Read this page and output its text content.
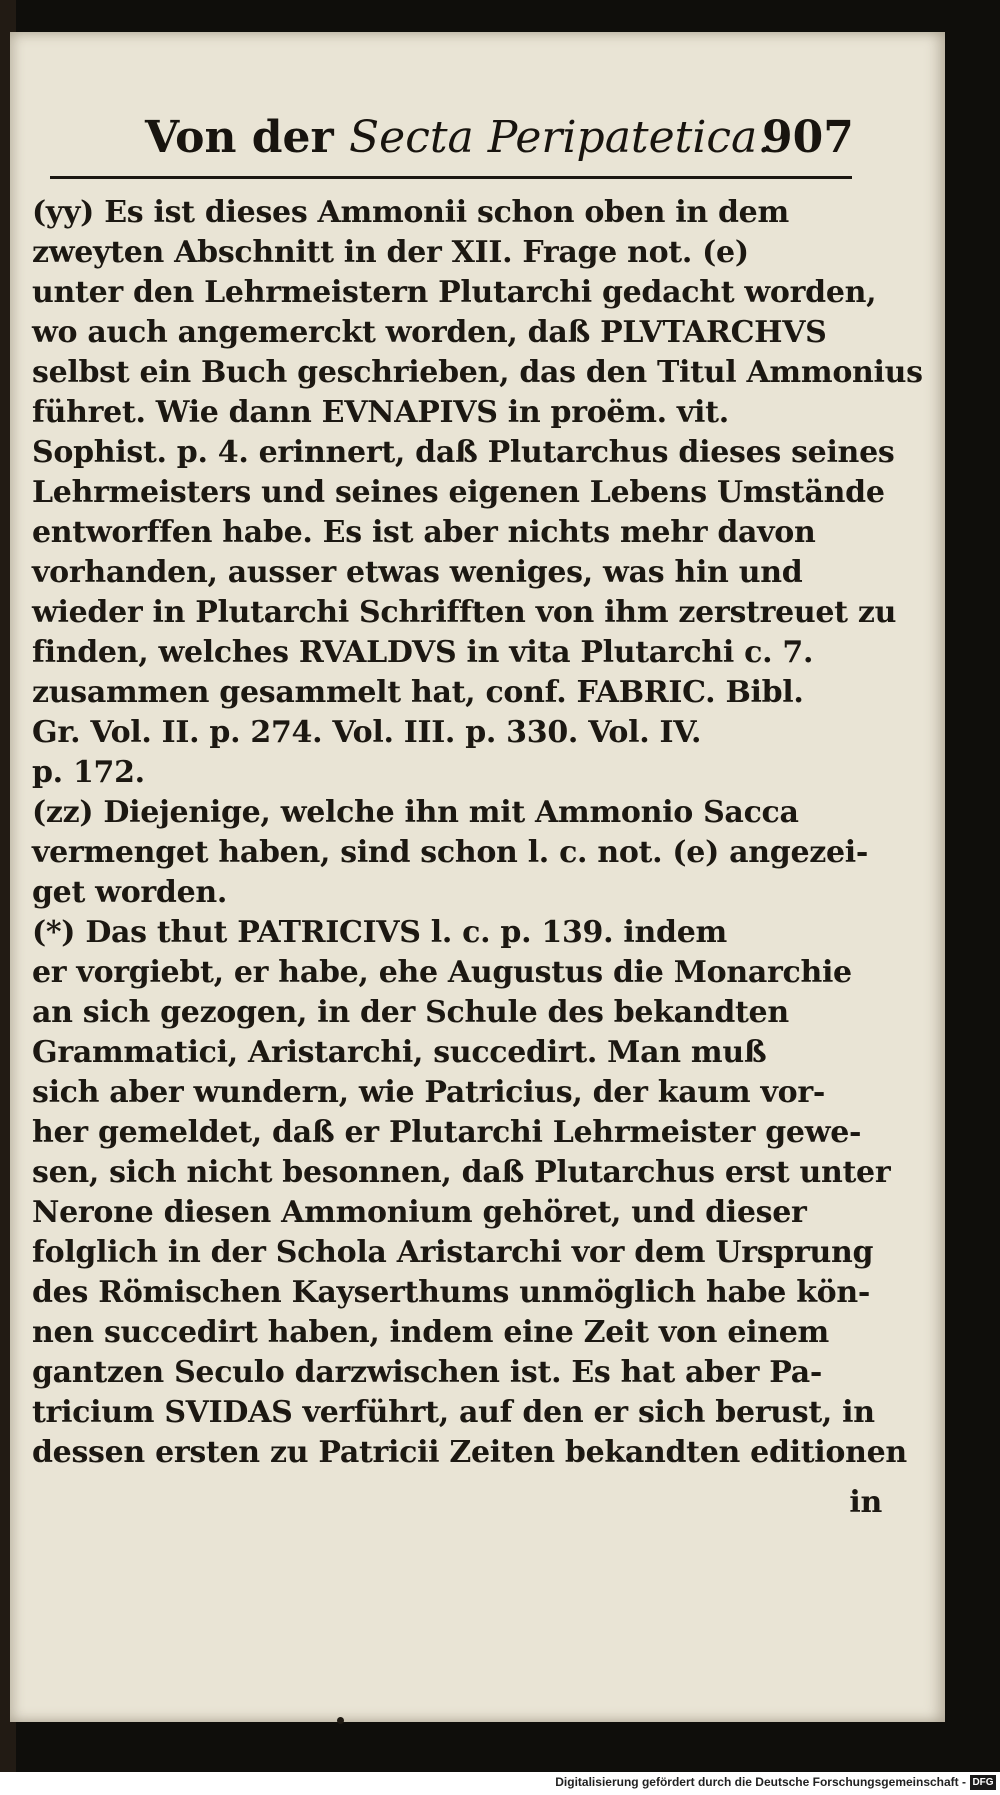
Von der Secta Peripatetica.
907
(yy) Es ist dieses Ammonii schon oben in dem
zweyten Abschnitt in der XII. Frage not. (e)
unter den Lehrmeistern Plutarchi gedacht worden,
wo auch angemerckt worden, daß PLVTARCHVS
selbst ein Buch geschrieben, das den Titul Ammonius
führet. Wie dann EVNAPIVS in proëm. vit.
Sophist. p. 4. erinnert, daß Plutarchus dieses seines
Lehrmeisters und seines eigenen Lebens Umstände
entworffen habe. Es ist aber nichts mehr davon
vorhanden, ausser etwas weniges, was hin und
wieder in Plutarchi Schrifften von ihm zerstreuet zu
finden, welches RVALDVS in vita Plutarchi c. 7.
zusammen gesammelt hat, conf. FABRIC. Bibl.
Gr. Vol. II. p. 274. Vol. III. p. 330. Vol. IV.
p. 172.
(zz) Diejenige, welche ihn mit Ammonio Sacca
vermenget haben, sind schon l. c. not. (e) angezei-
get worden.
(*) Das thut PATRICIVS l. c. p. 139. indem
er vorgiebt, er habe, ehe Augustus die Monarchie
an sich gezogen, in der Schule des bekandten
Grammatici, Aristarchi, succedirt. Man muß
sich aber wundern, wie Patricius, der kaum vor-
her gemeldet, daß er Plutarchi Lehrmeister gewe-
sen, sich nicht besonnen, daß Plutarchus erst unter
Nerone diesen Ammonium gehöret, und dieser
folglich in der Schola Aristarchi vor dem Ursprung
des Römischen Kayserthums unmöglich habe kön-
nen succedirt haben, indem eine Zeit von einem
gantzen Seculo darzwischen ist. Es hat aber Pa-
tricium SVIDAS verführt, auf den er sich berust, in
dessen ersten zu Patricii Zeiten bekandten editionen
in
Digitalisierung gefördert durch die Deutsche Forschungsgemeinschaft - DFG
